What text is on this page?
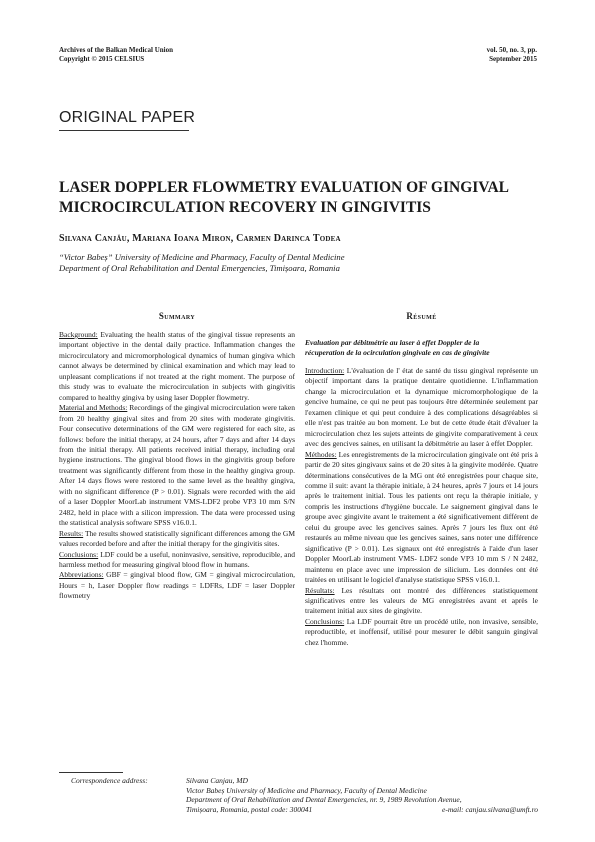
Archives of the Balkan Medical Union
Copyright © 2015 CELSIUS
vol. 50, no. 3, pp.
September 2015
ORIGINAL PAPER
LASER DOPPLER FLOWMETRY EVALUATION OF GINGIVAL
MICROCIRCULATION RECOVERY IN GINGIVITIS
Silvana Canjău, Mariana Ioana Miron, Carmen Darinca Todea
“Victor Babeș” University of Medicine and Pharmacy, Faculty of Dental Medicine
Department of Oral Rehabilitation and Dental Emergencies, Timișoara, Romania
Summary	Résumé

Background: Evaluating the health status of the gingival tissue represents an important objective in the dental daily practice. Inflammation changes the microcirculatory and micromorphological dynamics of human gingiva which cannot always be determined by clinical examination and which may lead to unpleasant complications if not treated at the right moment. The purpose of this study was to evaluate the microcirculation in subjects with gingivitis compared to healthy gingiva by using laser Doppler flowmetry.

Material and Methods: Recordings of the gingival microcirculation were taken from 20 healthy gingival sites and from 20 sites with moderate gingivitis. Four consecutive determinations of the GM were registered for each site, as follows: before the initial therapy, at 24 hours, after 7 days and after 14 days from the initial therapy. All patients received initial therapy, including oral hygiene instructions. The gingival blood flows in the gingivitis group before treatment was significantly different from those in the healthy gingiva group. After 14 days flows were restored to the same level as the healthy gingiva, with no significant difference (P > 0.01). Signals were recorded with the aid of a laser Doppler MoorLab instrument VMS-LDF2 probe VP3 10 mm S/N 2482, held in place with a silicon impression. The data were processed using the statistical analysis software SPSS v16.0.1.

Results: The results showed statistically significant differences among the GM values recorded before and after the initial therapy for the gingivitis sites.

Conclusions: LDF could be a useful, noninvasive, sensitive, reproducible, and harmless method for measuring gingival blood flow in humans.

Abbreviations: GBF = gingival blood flow, GM = gingival microcirculation, Hours = h, Laser Doppler flow readings = LDFRs, LDF = laser Doppler flowmetry

Evaluation par débitmétrie au laser à effet Doppler de la
récuperation de la ocirculation gingivale en cas de gingivite

Introduction: L'évaluation de l' état de santé du tissu gingival représente un objectif important dans la pratique dentaire quotidienne. L'inflammation change la microcirculation et la dynamique micromorphologique de la gencive humaine, ce qui ne peut pas toujours être déterminée seulement par l'examen clinique et qui peut conduire à des complications désagréables si elle n'est pas traitée au bon moment. Le but de cette étude était d'évaluer la microcirculation chez les sujets atteints de gingivite comparativement à ceux avec des gencives saines, en utilisant la débitmétrie au laser à effet Doppler.

Méthodes: Les enregistrements de la microcirculation gingivale ont été pris à partir de 20 sites gingivaux sains et de 20 sites à la gingivite modérée. Quatre déterminations consécutives de la MG ont été enregistrées pour chaque site, comme il suit: avant la thérapie initiale, à 24 heures, après 7 jours et 14 jours après le traitement initial. Tous les patients ont reçu la thérapie initiale, y compris les instructions d'hygiène buccale. Le saignement gingival dans le groupe avec gingivite avant le traitement a été significativement différent de celui du groupe avec les gencives saines. Après 7 jours les flux ont été restaurés au même niveau que les gencives saines, sans noter une différence significative (P > 0.01). Les signaux ont été enregistrés à l'aide d'un laser Doppler MoorLab instrument VMS- LDF2 sonde VP3 10 mm S / N 2482, maintenu en place avec une impression de silicium. Les données ont été traitées en utilisant le logiciel d'analyse statistique SPSS v16.0.1.

Résultats: Les résultats ont montré des différences statistiquement significatives entre les valeurs de MG enregistrées avant et après le traitement initial aux sites de gingivite.

Conclusions: La LDF pourrait être un procédé utile, non invasive, sensible, reproductible, et inoffensif, utilisé pour mesurer le débit sanguin gingival chez l'homme.

Correspondence address:	Silvana Canjau, MD
Victor Babeș University of Medicine and Pharmacy, Faculty of Dental Medicine
Department of Oral Rehabilitation and Dental Emergencies, nr. 9, 1989 Revolution Avenue,
Timișoara, Romania, postal code: 300041	e-mail: canjau.silvana@umft.ro
